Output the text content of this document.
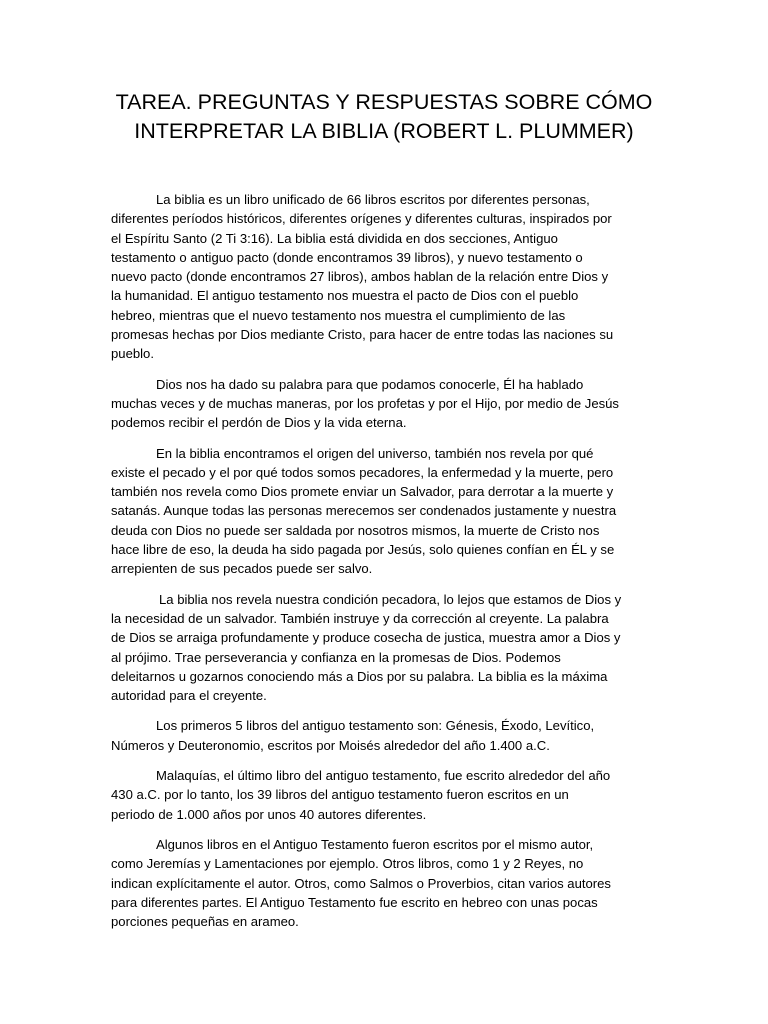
TAREA. PREGUNTAS Y RESPUESTAS SOBRE CÓMO
INTERPRETAR LA BIBLIA (ROBERT L. PLUMMER)

La biblia es un libro unificado de 66 libros escritos por diferentes personas,
diferentes períodos históricos, diferentes orígenes y diferentes culturas, inspirados por
el Espíritu Santo (2 Ti 3:16). La biblia está dividida en dos secciones, Antiguo
testamento o antiguo pacto (donde encontramos 39 libros), y nuevo testamento o
nuevo pacto (donde encontramos 27 libros), ambos hablan de la relación entre Dios y
la humanidad. El antiguo testamento nos muestra el pacto de Dios con el pueblo
hebreo, mientras que el nuevo testamento nos muestra el cumplimiento de las
promesas hechas por Dios mediante Cristo, para hacer de entre todas las naciones su
pueblo.

Dios nos ha dado su palabra para que podamos conocerle, Él ha hablado
muchas veces y de muchas maneras, por los profetas y por el Hijo, por medio de Jesús
podemos recibir el perdón de Dios y la vida eterna.

En la biblia encontramos el origen del universo, también nos revela por qué
existe el pecado y el por qué todos somos pecadores, la enfermedad y la muerte, pero
también nos revela como Dios promete enviar un Salvador, para derrotar a la muerte y
satanás. Aunque todas las personas merecemos ser condenados justamente y nuestra
deuda con Dios no puede ser saldada por nosotros mismos, la muerte de Cristo nos
hace libre de eso, la deuda ha sido pagada por Jesús, solo quienes confían en ÉL y se
arrepienten de sus pecados puede ser salvo.

La biblia nos revela nuestra condición pecadora, lo lejos que estamos de Dios y
la necesidad de un salvador. También instruye y da corrección al creyente. La palabra
de Dios se arraiga profundamente y produce cosecha de justica, muestra amor a Dios y
al prójimo. Trae perseverancia y confianza en la promesas de Dios. Podemos
deleitarnos u gozarnos conociendo más a Dios por su palabra. La biblia es la máxima
autoridad para el creyente.

Los primeros 5 libros del antiguo testamento son: Génesis, Éxodo, Levítico,
Números y Deuteronomio, escritos por Moisés alrededor del año 1.400 a.C.

Malaquías, el último libro del antiguo testamento, fue escrito alrededor del año
430 a.C. por lo tanto, los 39 libros del antiguo testamento fueron escritos en un
periodo de 1.000 años por unos 40 autores diferentes.

Algunos libros en el Antiguo Testamento fueron escritos por el mismo autor,
como Jeremías y Lamentaciones por ejemplo. Otros libros, como 1 y 2 Reyes, no
indican explícitamente el autor. Otros, como Salmos o Proverbios, citan varios autores
para diferentes partes. El Antiguo Testamento fue escrito en hebreo con unas pocas
porciones pequeñas en arameo.
